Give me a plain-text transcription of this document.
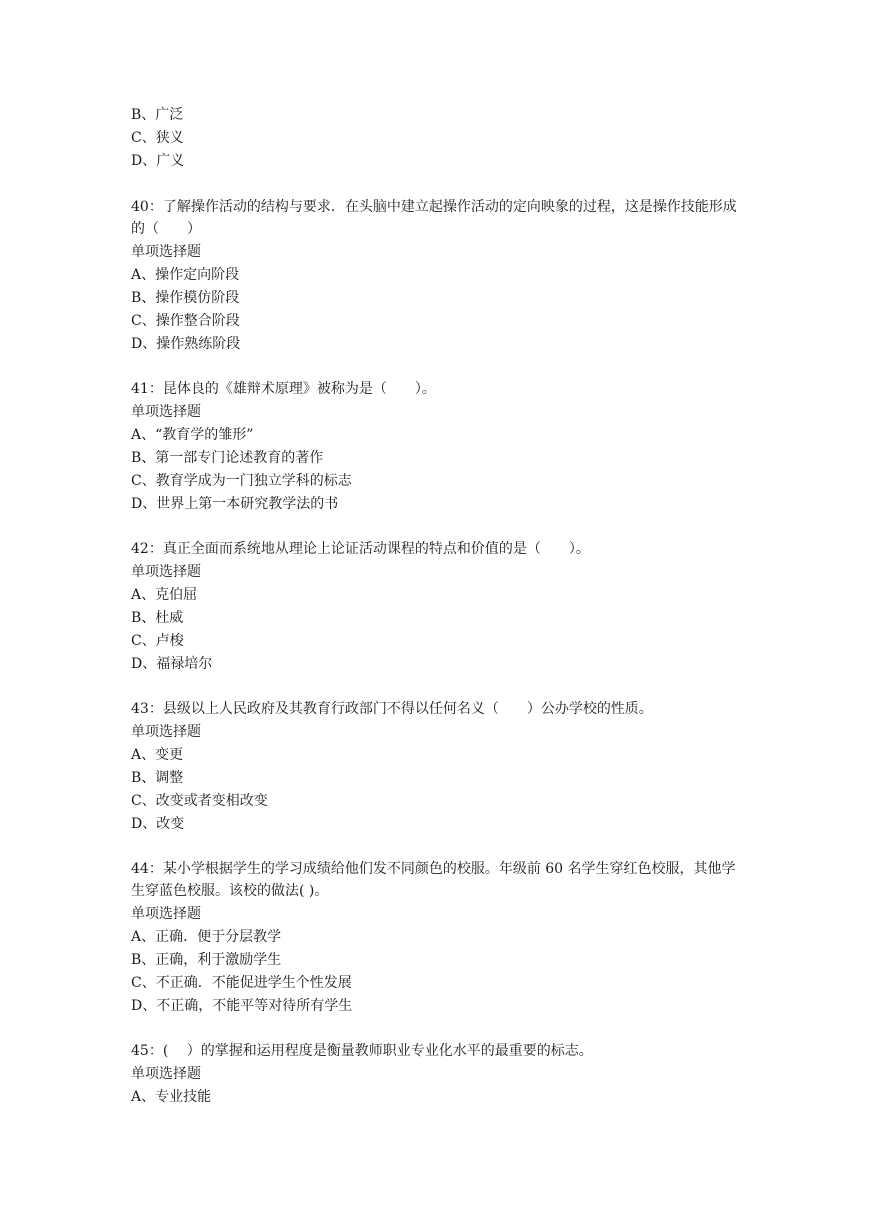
B、广泛
C、狭义
D、广义
40：了解操作活动的结构与要求．在头脑中建立起操作活动的定向映象的过程，这是操作技能形成的（　　）
单项选择题
A、操作定向阶段
B、操作模仿阶段
C、操作整合阶段
D、操作熟练阶段
41：昆体良的《雄辩术原理》被称为是（　　）。
单项选择题
A、“教育学的雏形”
B、第一部专门论述教育的著作
C、教育学成为一门独立学科的标志
D、世界上第一本研究教学法的书
42：真正全面而系统地从理论上论证活动课程的特点和价值的是（　　）。
单项选择题
A、克伯屈
B、杜威
C、卢梭
D、福禄培尔
43：县级以上人民政府及其教育行政部门不得以任何名义（　　）公办学校的性质。
单项选择题
A、变更
B、调整
C、改变或者变相改变
D、改变
44：某小学根据学生的学习成绩给他们发不同颜色的校服。年级前 60 名学生穿红色校服，其他学生穿蓝色校服。该校的做法( )。
单项选择题
A、正确．便于分层教学
B、正确，利于激励学生
C、不正确．不能促进学生个性发展
D、不正确，不能平等对待所有学生
45：(　 ）的掌握和运用程度是衡量教师职业专业化水平的最重要的标志。
单项选择题
A、专业技能
